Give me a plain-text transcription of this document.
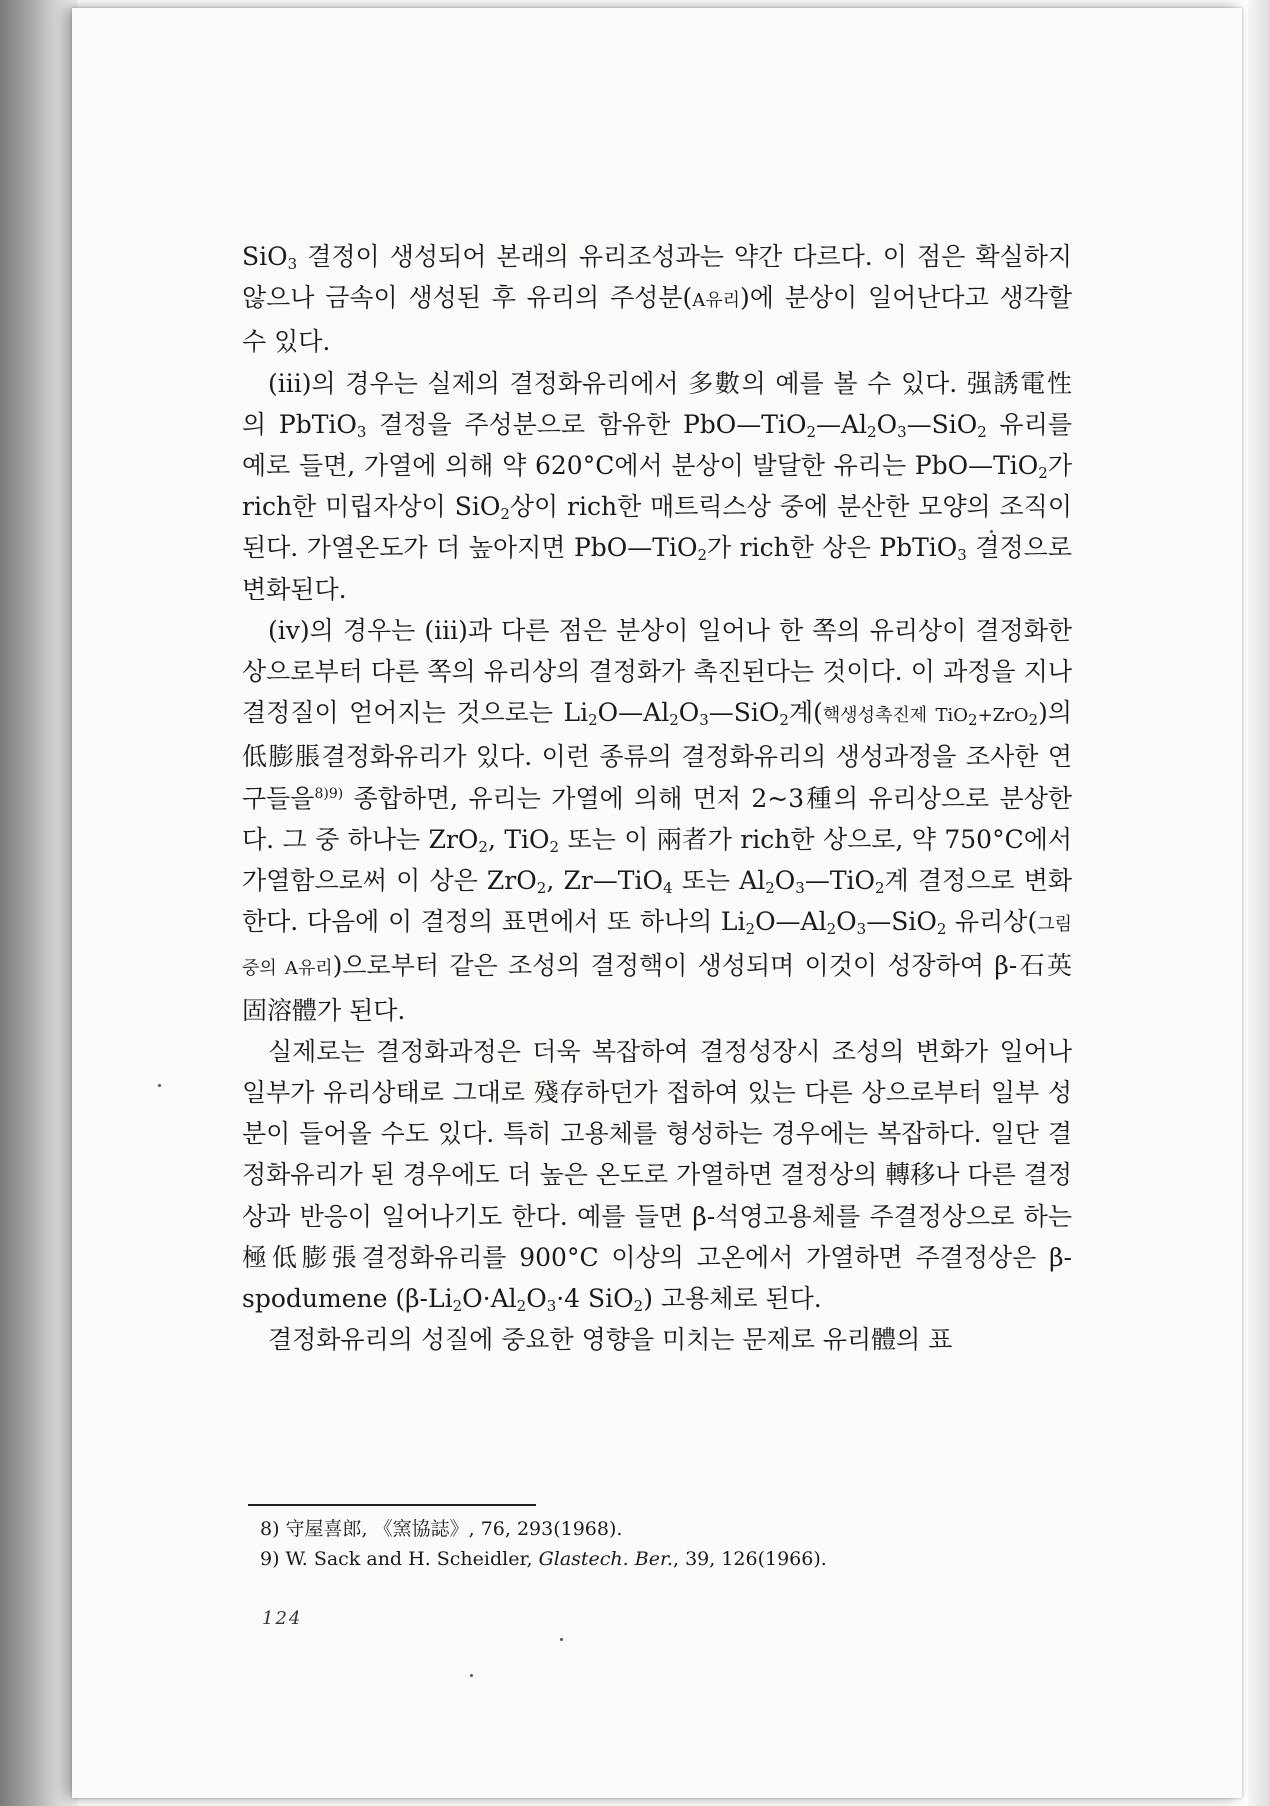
SiO$_3$ 결정이 생성되어 본래의 유리조성과는 약간 다르다. 이 점은 확실하지 않으나 금속이 생성된 후 유리의 주성분(A유리)에 분상이 일어난다고 생각할 수 있다.

(iii)의 경우는 실제의 결정화유리에서 多數의 예를 볼 수 있다. 强誘電性의 PbTiO$_3$ 결정을 주성분으로 함유한 $PbO—TiO_2—Al_2O_3—SiO_2$ 유리를 예로 들면, 가열에 의해 약 620°C에서 분상이 발달한 유리는 PbO—TiO$_2$가 rich한 미립자상이 SiO$_2$상이 rich한 매트릭스상 중에 분산한 모양의 조직이 된다. 가열온도가 더 높아지면 PbO—TiO$_2$가 rich한 상은 PbTiO$_3$ 결정으로 변화된다.

(iv)의 경우는 (iii)과 다른 점은 분상이 일어나 한 쪽의 유리상이 결정화한 상으로부터 다른 쪽의 유리상의 결정화가 촉진된다는 것이다. 이 과정을 지나 결정질이 얻어지는 것으로는 $Li_2O—Al_2O_3—SiO_2$계(핵생성촉진제 TiO$_2$+ZrO$_2$)의 低膨脹결정화유리가 있다. 이런 종류의 결정화유리의 생성과정을 조사한 연구들을$^{8)9)}$ 종합하면, 유리는 가열에 의해 먼저 2~3種의 유리상으로 분상한다. 그 중 하나는 ZrO$_2$, TiO$_2$ 또는 이 兩者가 rich한 상으로, 약 750°C에서 가열함으로써 이 상은 ZrO$_2$, Zr—TiO$_4$ 또는 $Al_2O_3—TiO_2$계 결정으로 변화한다. 다음에 이 결정의 표면에서 또 하나의 $Li_2O—Al_2O_3—SiO_2$ 유리상(그림 중의 A유리)으로부터 같은 조성의 결정핵이 생성되며 이것이 성장하여 β-石英固溶體가 된다.

실제로는 결정화과정은 더욱 복잡하여 결정성장시 조성의 변화가 일어나 일부가 유리상태로 그대로 殘存하던가 접하여 있는 다른 상으로부터 일부 성분이 들어올 수도 있다. 특히 고용체를 형성하는 경우에는 복잡하다. 일단 결정화유리가 된 경우에도 더 높은 온도로 가열하면 결정상의 轉移나 다른 결정상과 반응이 일어나기도 한다. 예를 들면 β-석영고용체를 주결정상으로 하는 極低膨張결정화유리를 900°C 이상의 고온에서 가열하면 주결정상은 β-spodumene ($\beta-Li_2O\cdot Al_2O_3\cdot 4$ SiO$_2$) 고용체로 된다.

결정화유리의 성질에 중요한 영향을 미치는 문제로 유리體의 표

8) 守屋喜郎, 《窯協誌》, 76, 293(1968).

9) W. Sack and H. Scheidler, Glastech. Ber., 39, 126(1966).

124
